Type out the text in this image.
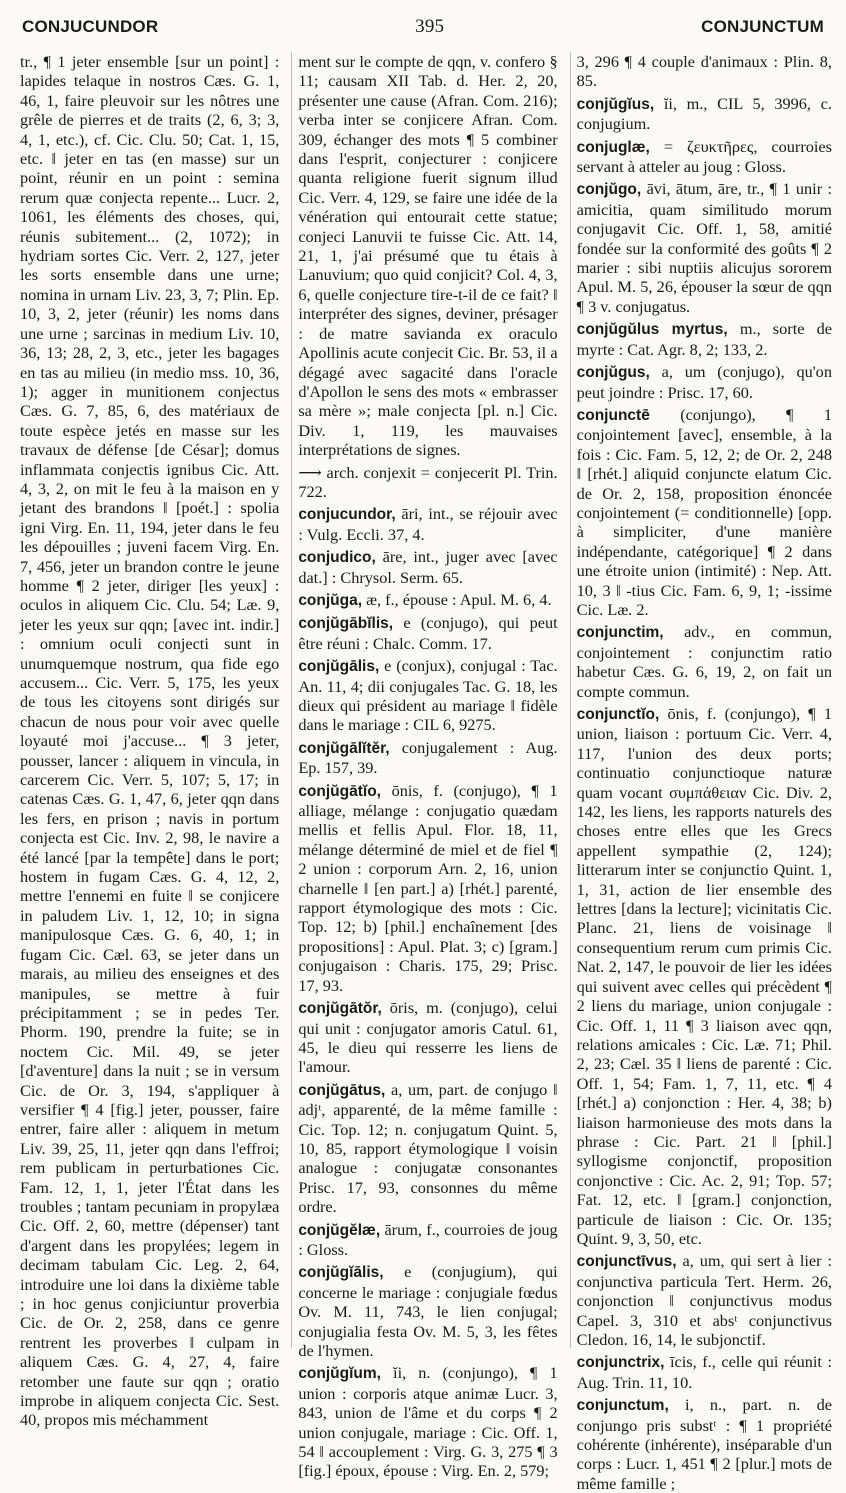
CONJUCUNDOR	395	CONJUNCTUM
tr., ¶ 1 jeter ensemble [sur un point] : lapides telaque in nostros Cæs. G. 1, 46, 1, faire pleuvoir sur les nôtres une grêle de pierres et de traits (2, 6, 3; 3, 4, 1, etc.), cf. Cic. Clu. 50; Cat. 1, 15, etc. ‖ jeter en tas (en masse) sur un point, réunir en un point : semina rerum quæ conjecta repente... Lucr. 2, 1061, les éléments des choses, qui, réunis subitement... (2, 1072); in hydriam sortes Cic. Verr. 2, 127, jeter les sorts ensemble dans une urne; nomina in urnam Liv. 23, 3, 7; Plin. Ep. 10, 3, 2, jeter (réunir) les noms dans une urne ; sarcinas in medium Liv. 10, 36, 13; 28, 2, 3, etc., jeter les bagages en tas au milieu (in medio mss. 10, 36, 1); agger in munitionem conjectus Cæs. G. 7, 85, 6, des matériaux de toute espèce jetés en masse sur les travaux de défense [de César]; domus inflammata conjectis ignibus Cic. Att. 4, 3, 2, on mit le feu à la maison en y jetant des brandons ‖ [poét.] : spolia igni Virg. En. 11, 194, jeter dans le feu les dépouilles ; juveni facem Virg. En. 7, 456, jeter un brandon contre le jeune homme ¶ 2 jeter, diriger [les yeux] : oculos in aliquem Cic. Clu. 54; Læ. 9, jeter les yeux sur qqn; [avec int. indir.] : omnium oculi conjecti sunt in unumquemque nostrum, qua fide ego accusem... Cic. Verr. 5, 175, les yeux de tous les citoyens sont dirigés sur chacun de nous pour voir avec quelle loyauté moi j'accuse... ¶ 3 jeter, pousser, lancer : aliquem in vincula, in carcerem Cic. Verr. 5, 107; 5, 17; in catenas Cæs. G. 1, 47, 6, jeter qqn dans les fers, en prison ; navis in portum conjecta est Cic. Inv. 2, 98, le navire a été lancé [par la tempête] dans le port; hostem in fugam Cæs. G. 4, 12, 2, mettre l'ennemi en fuite ‖ se conjicere in paludem Liv. 1, 12, 10; in signa manipulosque Cæs. G. 6, 40, 1; in fugam Cic. Cæl. 63, se jeter dans un marais, au milieu des enseignes et des manipules, se mettre à fuir précipitamment ; se in pedes Ter. Phorm. 190, prendre la fuite; se in noctem Cic. Mil. 49, se jeter [d'aventure] dans la nuit ; se in versum Cic. de Or. 3, 194, s'appliquer à versifier ¶ 4 [fig.] jeter, pousser, faire entrer, faire aller : aliquem in metum Liv. 39, 25, 11, jeter qqn dans l'effroi; rem publicam in perturbationes Cic. Fam. 12, 1, 1, jeter l'État dans les troubles ; tantam pecuniam in propylæa Cic. Off. 2, 60, mettre (dépenser) tant d'argent dans les propylées; legem in decimam tabulam Cic. Leg. 2, 64, introduire une loi dans la dixième table ; in hoc genus conjiciuntur proverbia Cic. de Or. 2, 258, dans ce genre rentrent les proverbes ‖ culpam in aliquem Cæs. G. 4, 27, 4, faire retomber une faute sur qqn ; oratio improbe in aliquem conjecta Cic. Sest. 40, propos mis méchamment
ment sur le compte de qqn, v. confero § 11; causam XII Tab. d. Her. 2, 20, présenter une cause (Afran. Com. 216); verba inter se conjicere Afran. Com. 309, échanger des mots ¶ 5 combiner dans l'esprit, conjecturer : conjicere quanta religione fuerit signum illud Cic. Verr. 4, 129, se faire une idée de la vénération qui entourait cette statue; conjeci Lanuvii te fuisse Cic. Att. 14, 21, 1, j'ai présumé que tu étais à Lanuvium; quo quid conjicit? Col. 4, 3, 6, quelle conjecture tire-t-il de ce fait? ‖ interpréter des signes, deviner, présager : de matre savianda ex oraculo Apollinis acute conjecit Cic. Br. 53, il a dégagé avec sagacité dans l'oracle d'Apollon le sens des mots « embrasser sa mère »; male conjecta [pl. n.] Cic. Div. 1, 119, les mauvaises interprétations de signes.
⟶ arch. conjexit = conjecerit Pl. Trin. 722.
conjucundor, āri, int., se réjouir avec : Vulg. Eccli. 37, 4.
conjudico, āre, int., juger avec [avec dat.] : Chrysol. Serm. 65.
conjŭga, æ, f., épouse : Apul. M. 6, 4.
conjŭgābĭlis, e (conjugo), qui peut être réuni : Chalc. Comm. 17.
conjŭgālis, e (conjux), conjugal : Tac. An. 11, 4; dii conjugales Tac. G. 18, les dieux qui président au mariage ‖ fidèle dans le mariage : CIL 6, 9275.
conjŭgālĭtĕr, conjugalement : Aug. Ep. 157, 39.
conjŭgātĭo, ōnis, f. (conjugo), ¶ 1 alliage, mélange : conjugatio quædam mellis et fellis Apul. Flor. 18, 11, mélange déterminé de miel et de fiel ¶ 2 union : corporum Arn. 2, 16, union charnelle ‖ [en part.] a) [rhét.] parenté, rapport étymologique des mots : Cic. Top. 12; b) [phil.] enchaînement [des propositions] : Apul. Plat. 3; c) [gram.] conjugaison : Charis. 175, 29; Prisc. 17, 93.
conjŭgātŏr, ōris, m. (conjugo), celui qui unit : conjugator amoris Catul. 61, 45, le dieu qui resserre les liens de l'amour.
conjŭgātus, a, um, part. de conjugo ‖ adjᵗ, apparenté, de la même famille : Cic. Top. 12; n. conjugatum Quint. 5, 10, 85, rapport étymologique ‖ voisin analogue : conjugatæ consonantes Prisc. 17, 93, consonnes du même ordre.
conjŭgĕlæ, ārum, f., courroies de joug : Gloss.
conjŭgĭālis, e (conjugium), qui concerne le mariage : conjugiale fœdus Ov. M. 11, 743, le lien conjugal; conjugialia festa Ov. M. 5, 3, les fêtes de l'hymen.
conjŭgĭum, ĭi, n. (conjungo), ¶ 1 union : corporis atque animæ Lucr. 3, 843, union de l'âme et du corps ¶ 2 union conjugale, mariage : Cic. Off. 1, 54 ‖ accouplement : Virg. G. 3, 275 ¶ 3 [fig.] époux, épouse : Virg. En. 2, 579;
3, 296 ¶ 4 couple d'animaux : Plin. 8, 85.
conjŭgĭus, ĭi, m., CIL 5, 3996, c. conjugium.
conjuglæ, = ζευκτῆρες, courroies servant à atteler au joug : Gloss.
conjŭgo, āvi, ātum, āre, tr., ¶ 1 unir : amicitia, quam similitudo morum conjugavit Cic. Off. 1, 58, amitié fondée sur la conformité des goûts ¶ 2 marier : sibi nuptiis alicujus sororem Apul. M. 5, 26, épouser la sœur de qqn ¶ 3 v. conjugatus.
conjŭgŭlus myrtus, m., sorte de myrte : Cat. Agr. 8, 2; 133, 2.
conjŭgus, a, um (conjugo), qu'on peut joindre : Prisc. 17, 60.
conjunctē (conjungo), ¶ 1 conjointement [avec], ensemble, à la fois : Cic. Fam. 5, 12, 2; de Or. 2, 248 ‖ [rhét.] aliquid conjuncte elatum Cic. de Or. 2, 158, proposition énoncée conjointement (= conditionnelle) [opp. à simpliciter, d'une manière indépendante, catégorique] ¶ 2 dans une étroite union (intimité) : Nep. Att. 10, 3 ‖ -tius Cic. Fam. 6, 9, 1; -issime Cic. Læ. 2.
conjunctim, adv., en commun, conjointement : conjunctim ratio habetur Cæs. G. 6, 19, 2, on fait un compte commun.
conjunctĭo, ōnis, f. (conjungo), ¶ 1 union, liaison : portuum Cic. Verr. 4, 117, l'union des deux ports; continuatio conjunctioque naturæ quam vocant συμπάθειαν Cic. Div. 2, 142, les liens, les rapports naturels des choses entre elles que les Grecs appellent sympathie (2, 124); litterarum inter se conjunctio Quint. 1, 1, 31, action de lier ensemble des lettres [dans la lecture]; vicinitatis Cic. Planc. 21, liens de voisinage ‖ consequentium rerum cum primis Cic. Nat. 2, 147, le pouvoir de lier les idées qui suivent avec celles qui précèdent ¶ 2 liens du mariage, union conjugale : Cic. Off. 1, 11 ¶ 3 liaison avec qqn, relations amicales : Cic. Læ. 71; Phil. 2, 23; Cæl. 35 ‖ liens de parenté : Cic. Off. 1, 54; Fam. 1, 7, 11, etc. ¶ 4 [rhét.] a) conjonction : Her. 4, 38; b) liaison harmonieuse des mots dans la phrase : Cic. Part. 21 ‖ [phil.] syllogisme conjonctif, proposition conjonctive : Cic. Ac. 2, 91; Top. 57; Fat. 12, etc. ‖ [gram.] conjonction, particule de liaison : Cic. Or. 135; Quint. 9, 3, 50, etc.
conjunctīvus, a, um, qui sert à lier : conjunctiva particula Tert. Herm. 26, conjonction ‖ conjunctivus modus Capel. 3, 310 et absᵗ conjunctivus Cledon. 16, 14, le subjonctif.
conjunctrix, īcis, f., celle qui réunit : Aug. Trin. 11, 10.
conjunctum, i, n., part. n. de conjungo pris substᵗ : ¶ 1 propriété cohérente (inhérente), inséparable d'un corps : Lucr. 1, 451 ¶ 2 [plur.] mots de même famille ;
